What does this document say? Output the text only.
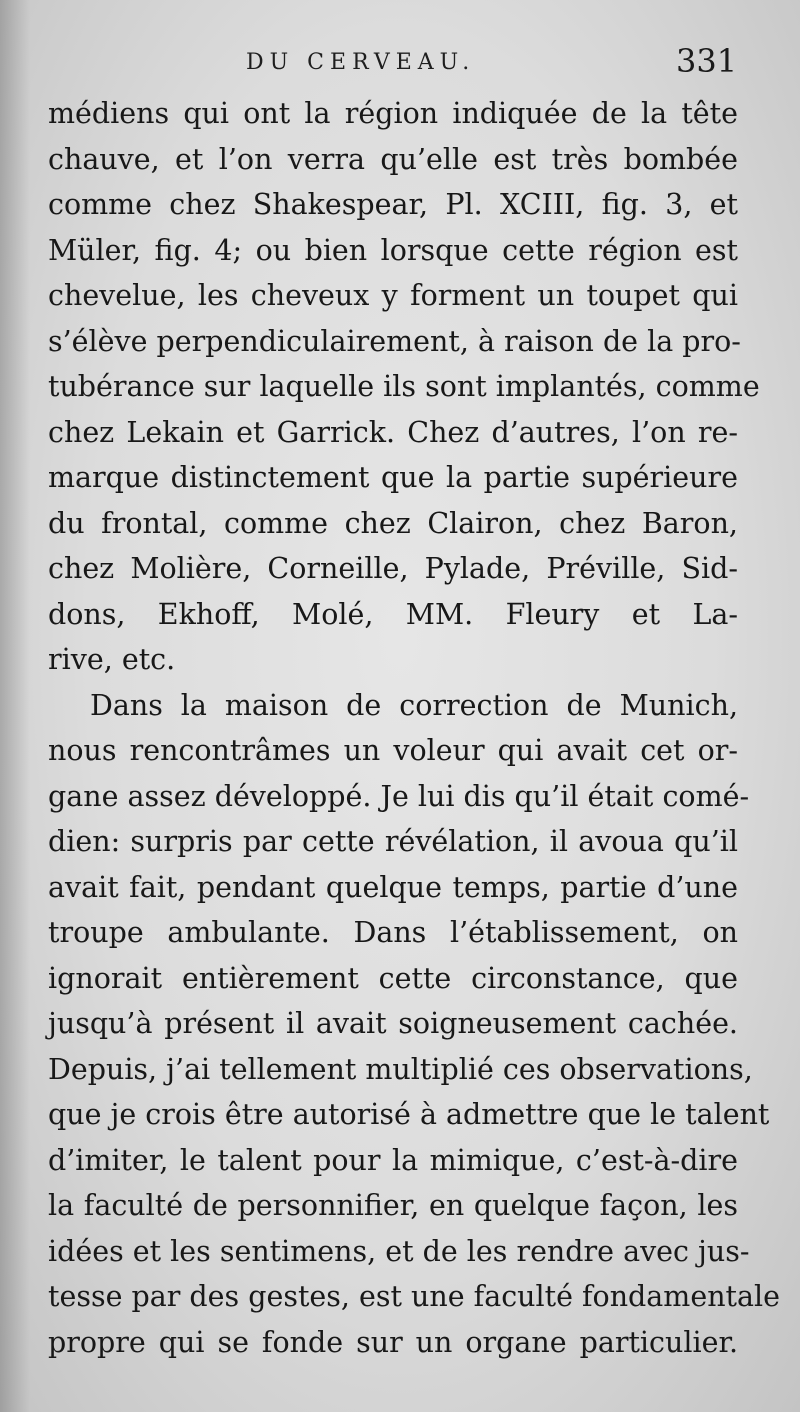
DU CERVEAU.	331
médiens qui ont la région indiquée de la tête
chauve, et l’on verra qu’elle est très bombée
comme chez Shakespear, Pl. XCIII, fig. 3, et
Müler, fig. 4; ou bien lorsque cette région est
chevelue, les cheveux y forment un toupet qui
s’élève perpendiculairement, à raison de la pro-
tubérance sur laquelle ils sont implantés, comme
chez Lekain et Garrick. Chez d’autres, l’on re-
marque distinctement que la partie supérieure
du frontal, comme chez Clairon, chez Baron,
chez Molière, Corneille, Pylade, Préville, Sid-
dons, Ekhoff, Molé, MM. Fleury et La-
rive, etc.
Dans la maison de correction de Munich,
nous rencontrâmes un voleur qui avait cet or-
gane assez développé. Je lui dis qu’il était comé-
dien: surpris par cette révélation, il avoua qu’il
avait fait, pendant quelque temps, partie d’une
troupe ambulante. Dans l’établissement, on
ignorait entièrement cette circonstance, que
jusqu’à présent il avait soigneusement cachée.
Depuis, j’ai tellement multiplié ces observations,
que je crois être autorisé à admettre que le talent
d’imiter, le talent pour la mimique, c’est-à-dire
la faculté de personnifier, en quelque façon, les
idées et les sentimens, et de les rendre avec jus-
tesse par des gestes, est une faculté fondamentale
propre qui se fonde sur un organe particulier.
